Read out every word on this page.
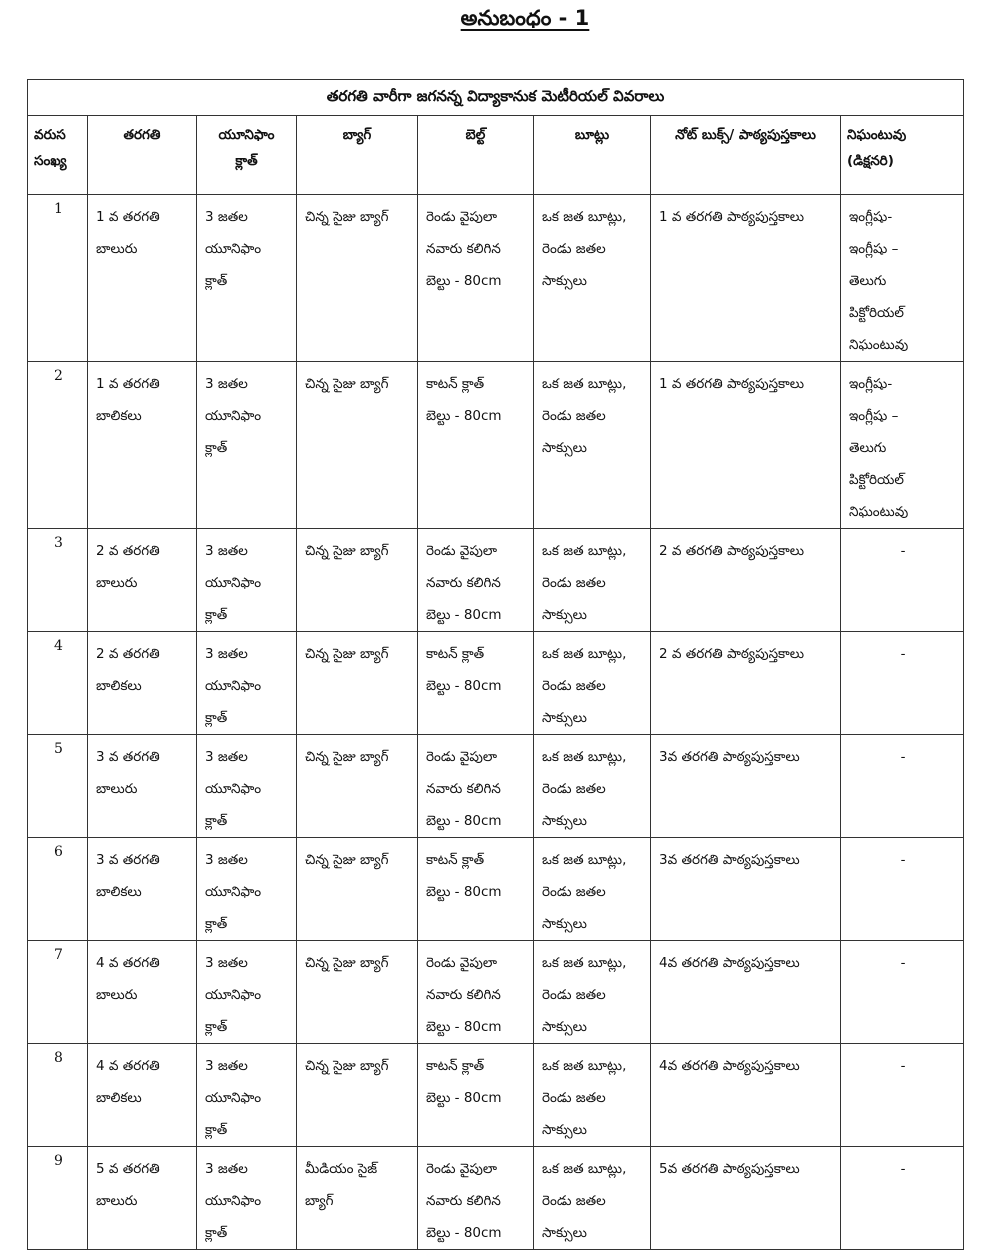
అనుబంధం - 1
తరగతి వారీగా జగనన్న విద్యాకానుక మెటీరియల్ వివరాలు							

వరుస
సంఖ్య	తరగతి	యూనిఫాం
క్లాత్	బ్యాగ్	బెల్ట్	బూట్లు	నోట్ బుక్స్/ పాఠ్యపుస్తకాలు	నిఘంటువు
(డిక్షనరి)

1	1 వ తరగతి
బాలురు	3 జతల
యూనిఫాం
క్లాత్	చిన్న సైజు బ్యాగ్	రెండు వైపులా
నవారు కలిగిన
బెల్టు - 80cm	ఒక జత బూట్లు,
రెండు జతల
సాక్సులు	1 వ తరగతి పాఠ్యపుస్తకాలు	ఇంగ్లీషు-
ఇంగ్లీషు –
తెలుగు
పిక్టోరియల్
నిఘంటువు

2	1 వ తరగతి
బాలికలు	3 జతల
యూనిఫాం
క్లాత్	చిన్న సైజు బ్యాగ్	కాటన్ క్లాత్
బెల్టు - 80cm	ఒక జత బూట్లు,
రెండు జతల
సాక్సులు	1 వ తరగతి పాఠ్యపుస్తకాలు	ఇంగ్లీషు-
ఇంగ్లీషు –
తెలుగు
పిక్టోరియల్
నిఘంటువు

3	2 వ తరగతి
బాలురు	3 జతల
యూనిఫాం
క్లాత్	చిన్న సైజు బ్యాగ్	రెండు వైపులా
నవారు కలిగిన
బెల్టు - 80cm	ఒక జత బూట్లు,
రెండు జతల
సాక్సులు	2 వ తరగతి పాఠ్యపుస్తకాలు	-

4	2 వ తరగతి
బాలికలు	3 జతల
యూనిఫాం
క్లాత్	చిన్న సైజు బ్యాగ్	కాటన్ క్లాత్
బెల్టు - 80cm	ఒక జత బూట్లు,
రెండు జతల
సాక్సులు	2 వ తరగతి పాఠ్యపుస్తకాలు	-

5	3 వ తరగతి
బాలురు	3 జతల
యూనిఫాం
క్లాత్	చిన్న సైజు బ్యాగ్	రెండు వైపులా
నవారు కలిగిన
బెల్టు - 80cm	ఒక జత బూట్లు,
రెండు జతల
సాక్సులు	3వ తరగతి పాఠ్యపుస్తకాలు	-

6	3 వ తరగతి
బాలికలు	3 జతల
యూనిఫాం
క్లాత్	చిన్న సైజు బ్యాగ్	కాటన్ క్లాత్
బెల్టు - 80cm	ఒక జత బూట్లు,
రెండు జతల
సాక్సులు	3వ తరగతి పాఠ్యపుస్తకాలు	-

7	4 వ తరగతి
బాలురు	3 జతల
యూనిఫాం
క్లాత్	చిన్న సైజు బ్యాగ్	రెండు వైపులా
నవారు కలిగిన
బెల్టు - 80cm	ఒక జత బూట్లు,
రెండు జతల
సాక్సులు	4వ తరగతి పాఠ్యపుస్తకాలు	-

8	4 వ తరగతి
బాలికలు	3 జతల
యూనిఫాం
క్లాత్	చిన్న సైజు బ్యాగ్	కాటన్ క్లాత్
బెల్టు - 80cm	ఒక జత బూట్లు,
రెండు జతల
సాక్సులు	4వ తరగతి పాఠ్యపుస్తకాలు	-

9	5 వ తరగతి
బాలురు	3 జతల
యూనిఫాం
క్లాత్	మీడియం సైజ్
బ్యాగ్	రెండు వైపులా
నవారు కలిగిన
బెల్టు - 80cm	ఒక జత బూట్లు,
రెండు జతల
సాక్సులు	5వ తరగతి పాఠ్యపుస్తకాలు	-
